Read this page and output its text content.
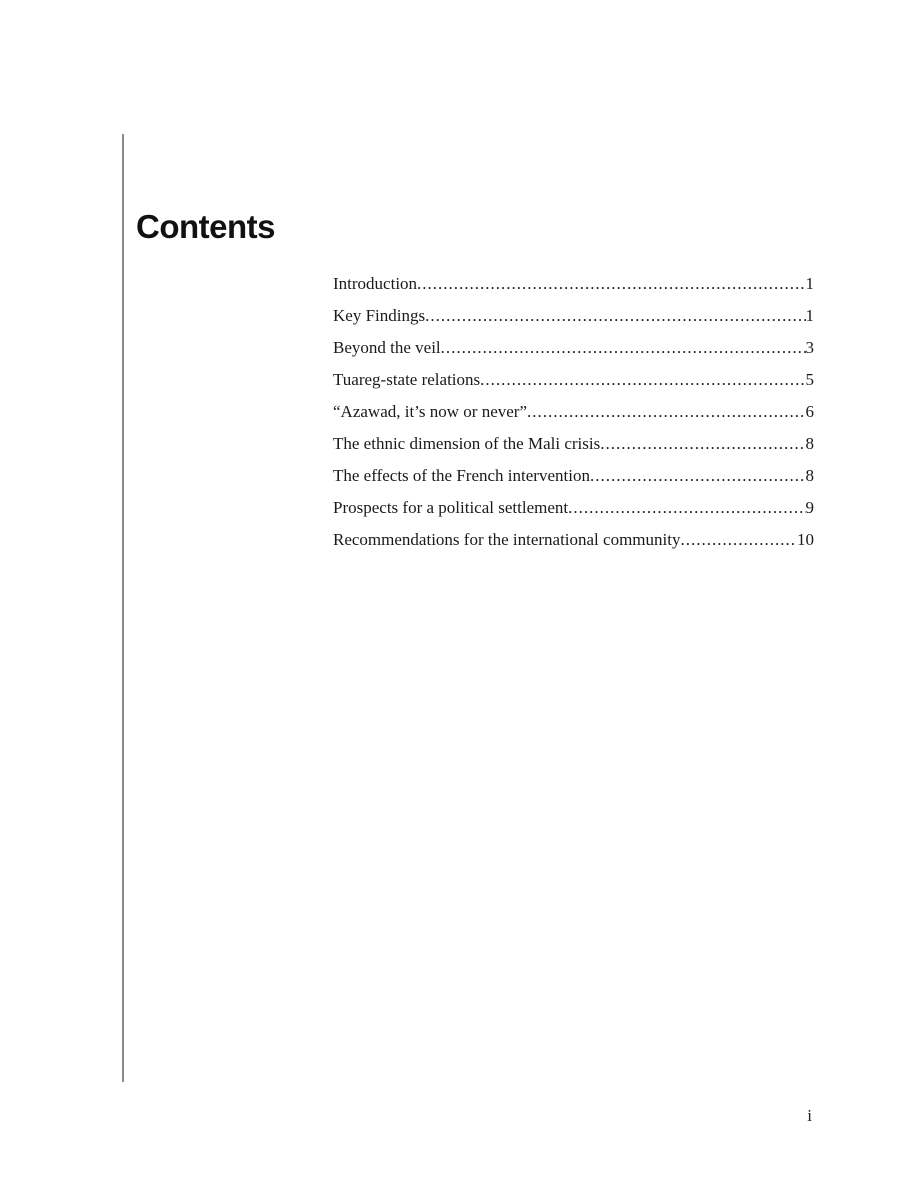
Contents
Introduction .....	1
Key Findings .....	1
Beyond the veil .....	3
Tuareg-state relations .....	5
“Azawad, it’s now or never” .....	6
The ethnic dimension of the Mali crisis .....	8
The effects of the French intervention .....	8
Prospects for a political settlement .....	9
Recommendations for the international community .....	10
i
